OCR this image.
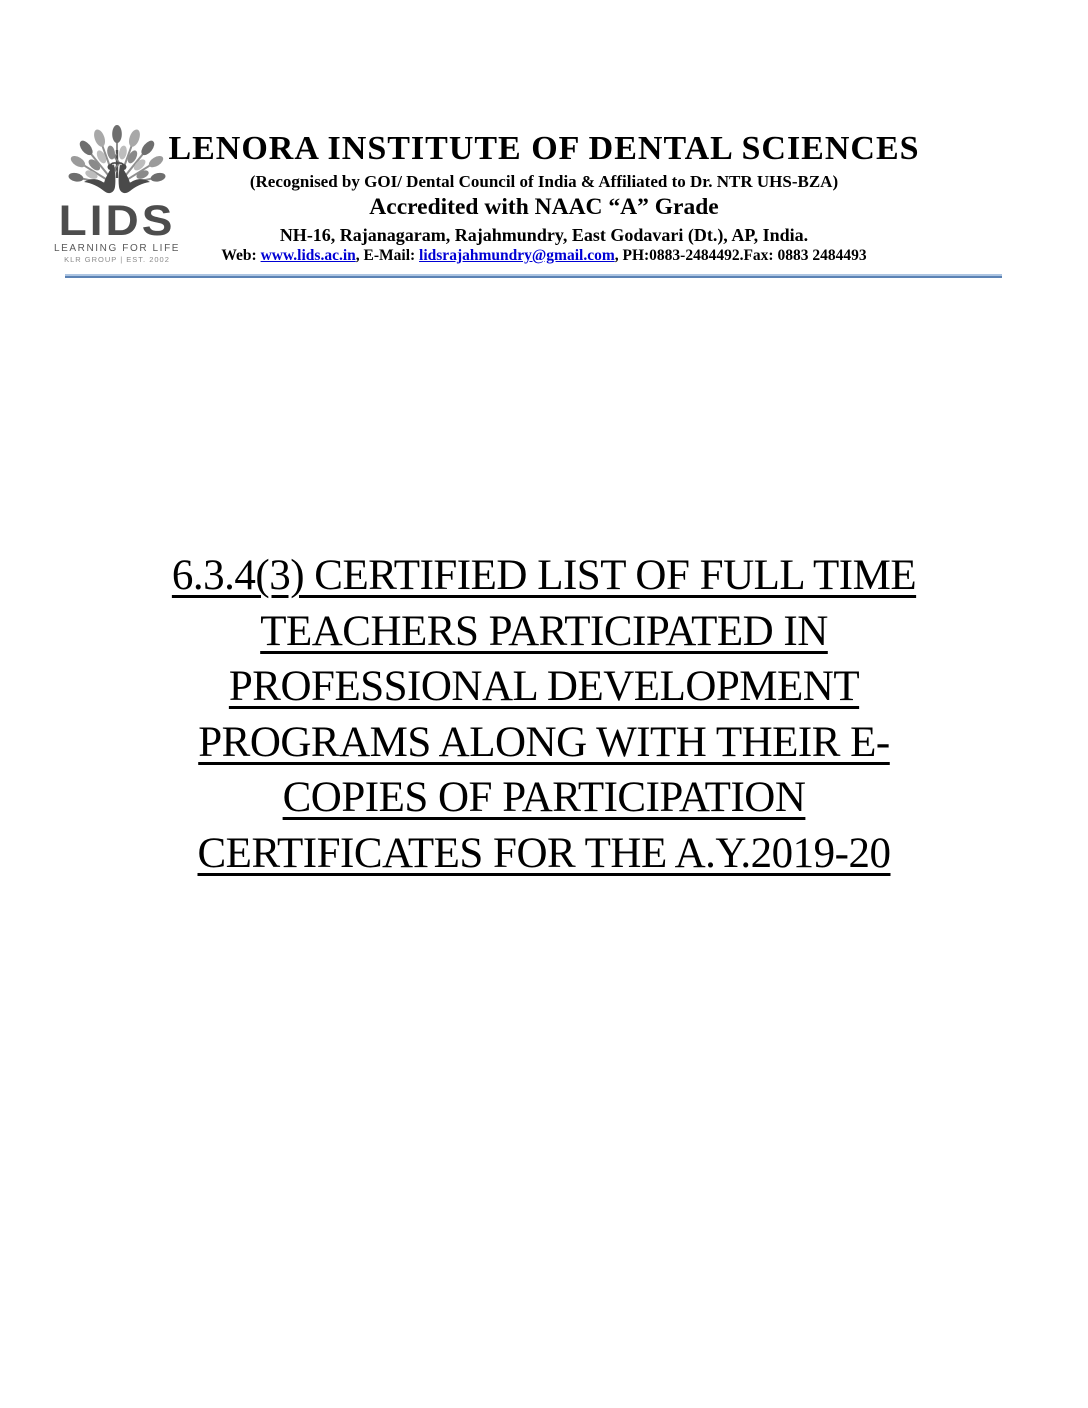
LIDS
LEARNING FOR LIFE
KLR GROUP | EST. 2002
LENORA INSTITUTE OF DENTAL SCIENCES
(Recognised by GOI/ Dental Council of India & Affiliated to Dr. NTR UHS-BZA)
Accredited with NAAC “A” Grade
NH-16, Rajanagaram, Rajahmundry, East Godavari (Dt.), AP, India.
Web: www.lids.ac.in, E-Mail: lidsrajahmundry@gmail.com, PH:0883-2484492.Fax: 0883 2484493
6.3.4(3) CERTIFIED LIST OF FULL TIME
TEACHERS PARTICIPATED IN
PROFESSIONAL DEVELOPMENT
PROGRAMS ALONG WITH THEIR E-
COPIES OF PARTICIPATION
CERTIFICATES FOR THE A.Y.2019-20
